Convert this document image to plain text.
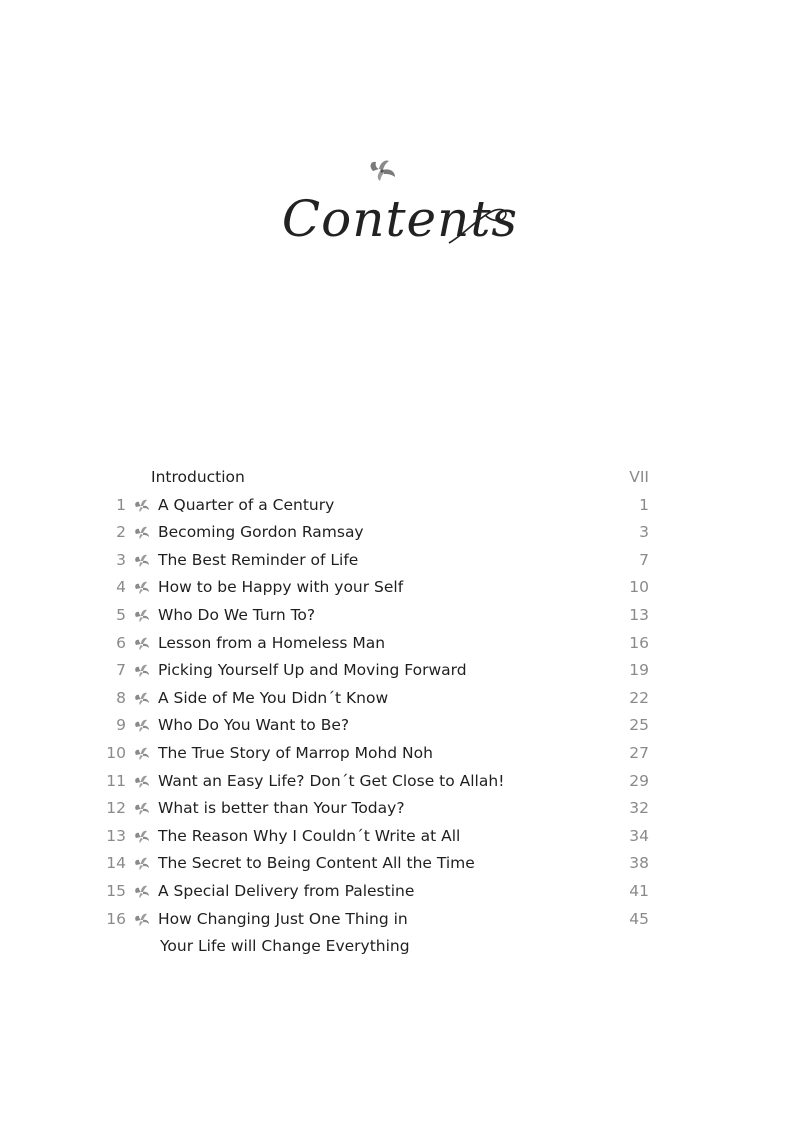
Contents
Introduction	VII
1 A Quarter of a Century	1
2 Becoming Gordon Ramsay	3
3 The Best Reminder of Life	7
4 How to be Happy with your Self	10
5 Who Do We Turn To?	13
6 Lesson from a Homeless Man	16
7 Picking Yourself Up and Moving Forward	19
8 A Side of Me You Didn´t Know	22
9 Who Do You Want to Be?	25
10 The True Story of Marrop Mohd Noh	27
11 Want an Easy Life? Don´t Get Close to Allah!	29
12 What is better than Your Today?	32
13 The Reason Why I Couldn´t Write at All	34
14 The Secret to Being Content All the Time	38
15 A Special Delivery from Palestine	41
16 How Changing Just One Thing in	45
Your Life will Change Everything
